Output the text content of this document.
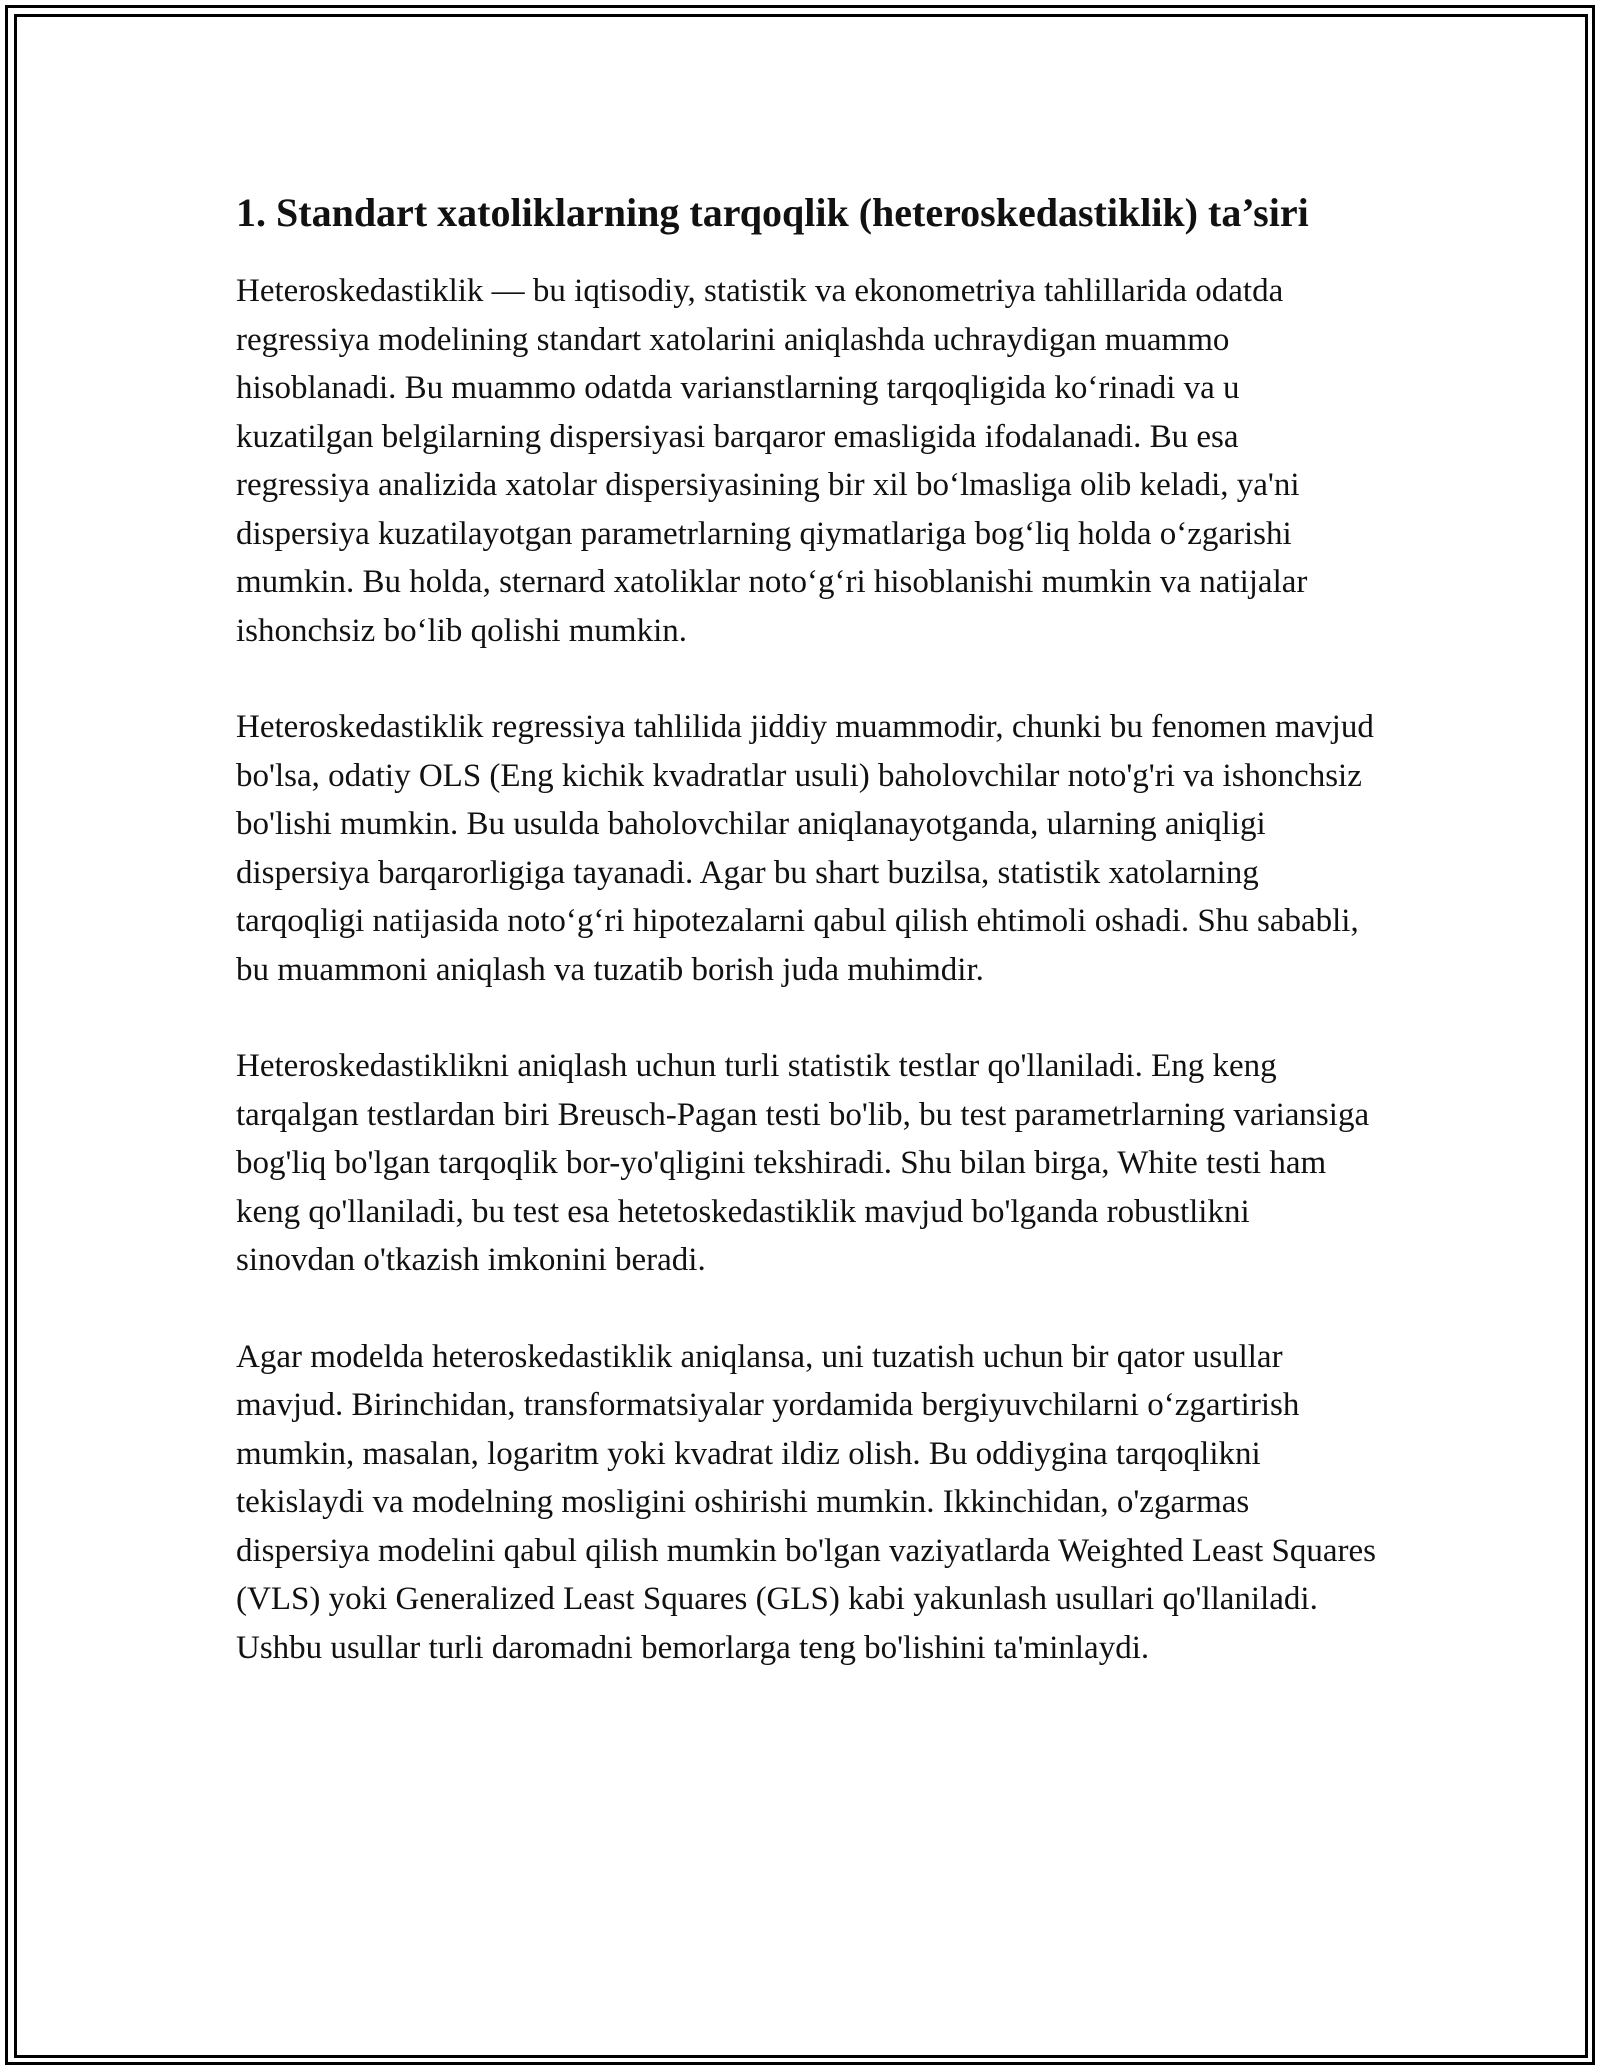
1. Standart xatoliklarning tarqoqlik (heteroskedastiklik) ta’siri

Heteroskedastiklik — bu iqtisodiy, statistik va ekonometriya tahlillarida odatda regressiya modelining standart xatolarini aniqlashda uchraydigan muammo hisoblanadi. Bu muammo odatda varianstlarning tarqoqligida koʻrinadi va u kuzatilgan belgilarning dispersiyasi barqaror emasligida ifodalanadi. Bu esa regressiya analizida xatolar dispersiyasining bir xil boʻlmasliga olib keladi, ya'ni dispersiya kuzatilayotgan parametrlarning qiymatlariga bogʻliq holda oʻzgarishi mumkin. Bu holda, sternard xatoliklar notoʻgʻri hisoblanishi mumkin va natijalar ishonchsiz boʻlib qolishi mumkin.

Heteroskedastiklik regressiya tahlilida jiddiy muammodir, chunki bu fenomen mavjud bo'lsa, odatiy OLS (Eng kichik kvadratlar usuli) baholovchilar noto'g'ri va ishonchsiz bo'lishi mumkin. Bu usulda baholovchilar aniqlanayotganda, ularning aniqligi dispersiya barqarorligiga tayanadi. Agar bu shart buzilsa, statistik xatolarning tarqoqligi natijasida notoʻgʻri hipotezalarni qabul qilish ehtimoli oshadi. Shu sababli, bu muammoni aniqlash va tuzatib borish juda muhimdir.

Heteroskedastiklikni aniqlash uchun turli statistik testlar qo'llaniladi. Eng keng tarqalgan testlardan biri Breusch-Pagan testi bo'lib, bu test parametrlarning variansiga bog'liq bo'lgan tarqoqlik bor-yo'qligini tekshiradi. Shu bilan birga, White testi ham keng qo'llaniladi, bu test esa hetetoskedastiklik mavjud bo'lganda robustlikni sinovdan o'tkazish imkonini beradi.

Agar modelda heteroskedastiklik aniqlansa, uni tuzatish uchun bir qator usullar mavjud. Birinchidan, transformatsiyalar yordamida bergiyuvchilarni oʻzgartirish mumkin, masalan, logaritm yoki kvadrat ildiz olish. Bu oddiygina tarqoqlikni tekislaydi va modelning mosligini oshirishi mumkin. Ikkinchidan, o'zgarmas dispersiya modelini qabul qilish mumkin bo'lgan vaziyatlarda Weighted Least Squares (VLS) yoki Generalized Least Squares (GLS) kabi yakunlash usullari qo'llaniladi. Ushbu usullar turli daromadni bemorlarga teng bo'lishini ta'minlaydi.
